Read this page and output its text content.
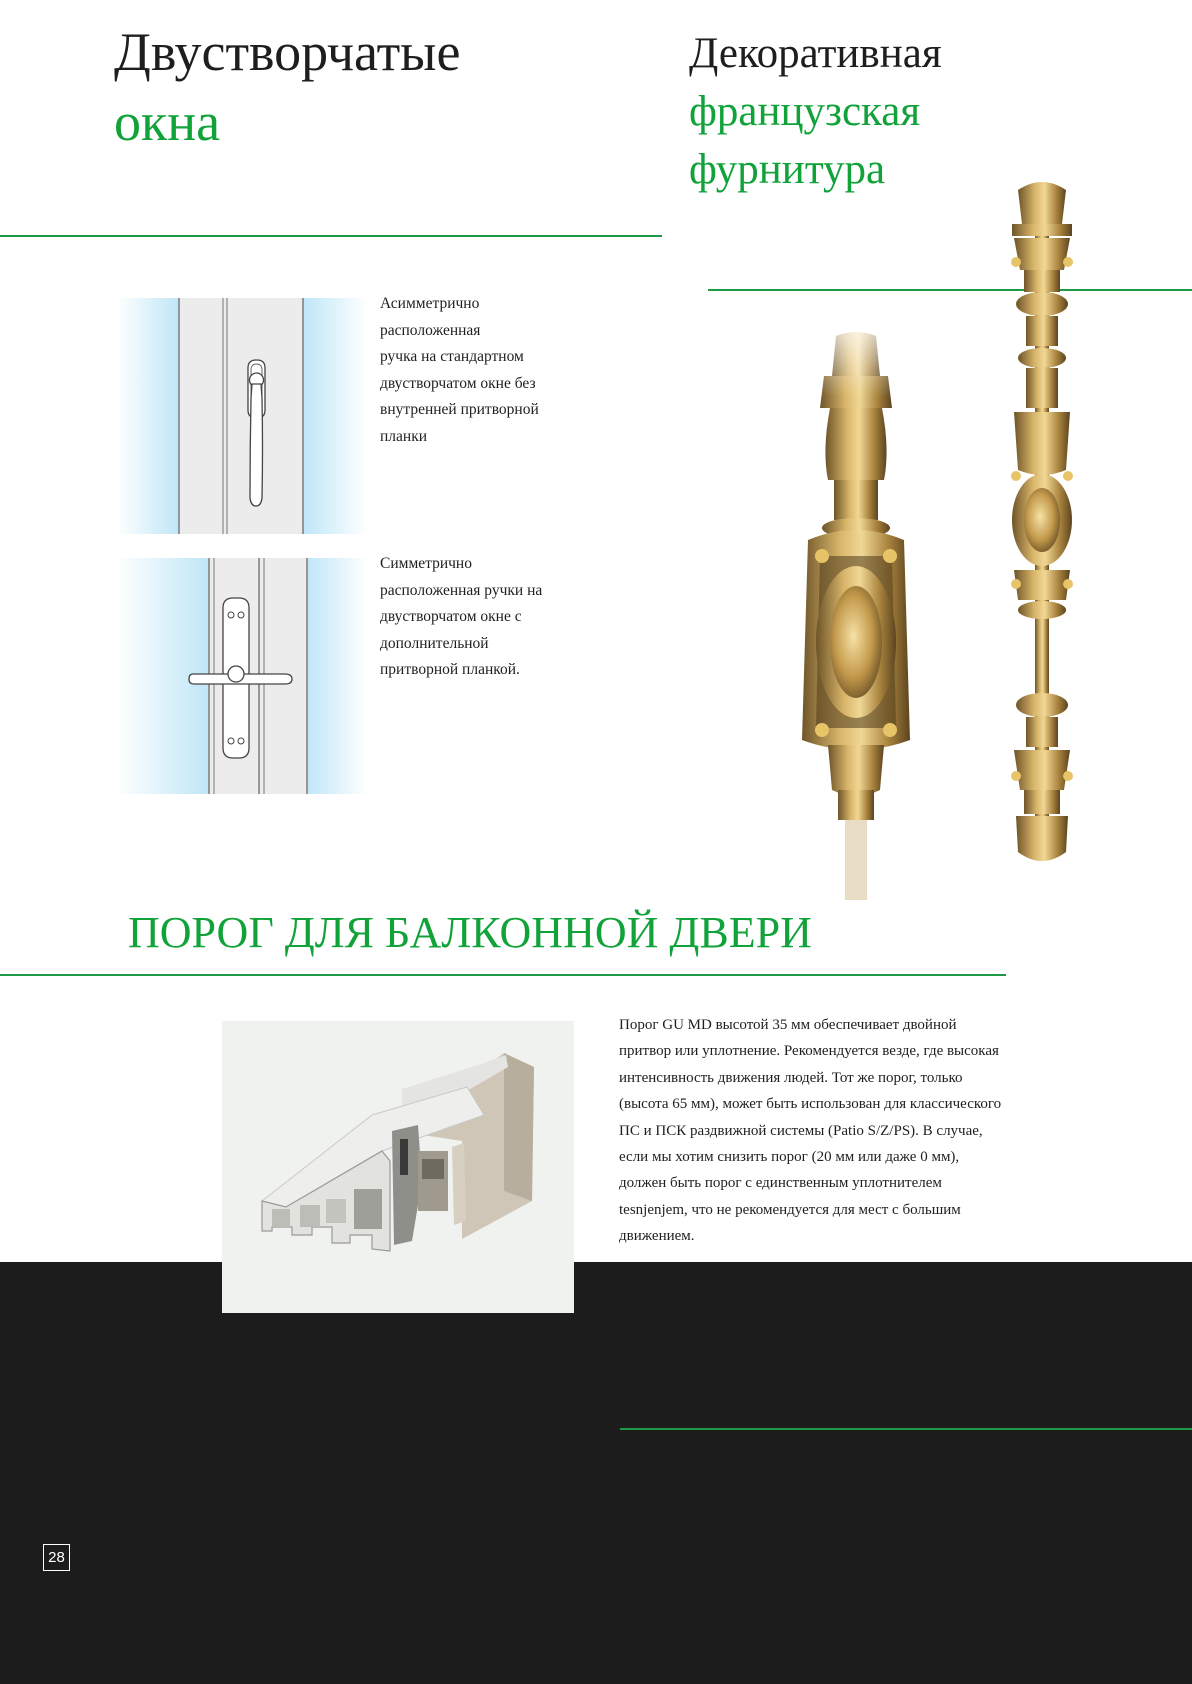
Двустворчатые
окна
Декоративная
французская
фурнитура
Асимметрично
расположенная
ручка на стандартном
двустворчатом окне без
внутренней притворной
планки
Симметрично
расположенная ручки на
двустворчатом окне с
дополнительной
притворной планкой.
ПОРОГ ДЛЯ БАЛКОННОЙ ДВЕРИ
Порог GU MD высотой 35 мм обеспечивает двойной
притвор или уплотнение. Рекомендуется везде, где высокая
интенсивность движения людей. Тот же порог, только
(высота 65 мм), может быть использован для классического
ПС и ПСК раздвижной системы (Patio S/Z/PS). В случае,
если мы хотим снизить порог (20 мм или даже 0 мм),
должен быть порог с единственным уплотнителем
tesnjenjem, что не рекомендуется для мест с большим
движением.
28
